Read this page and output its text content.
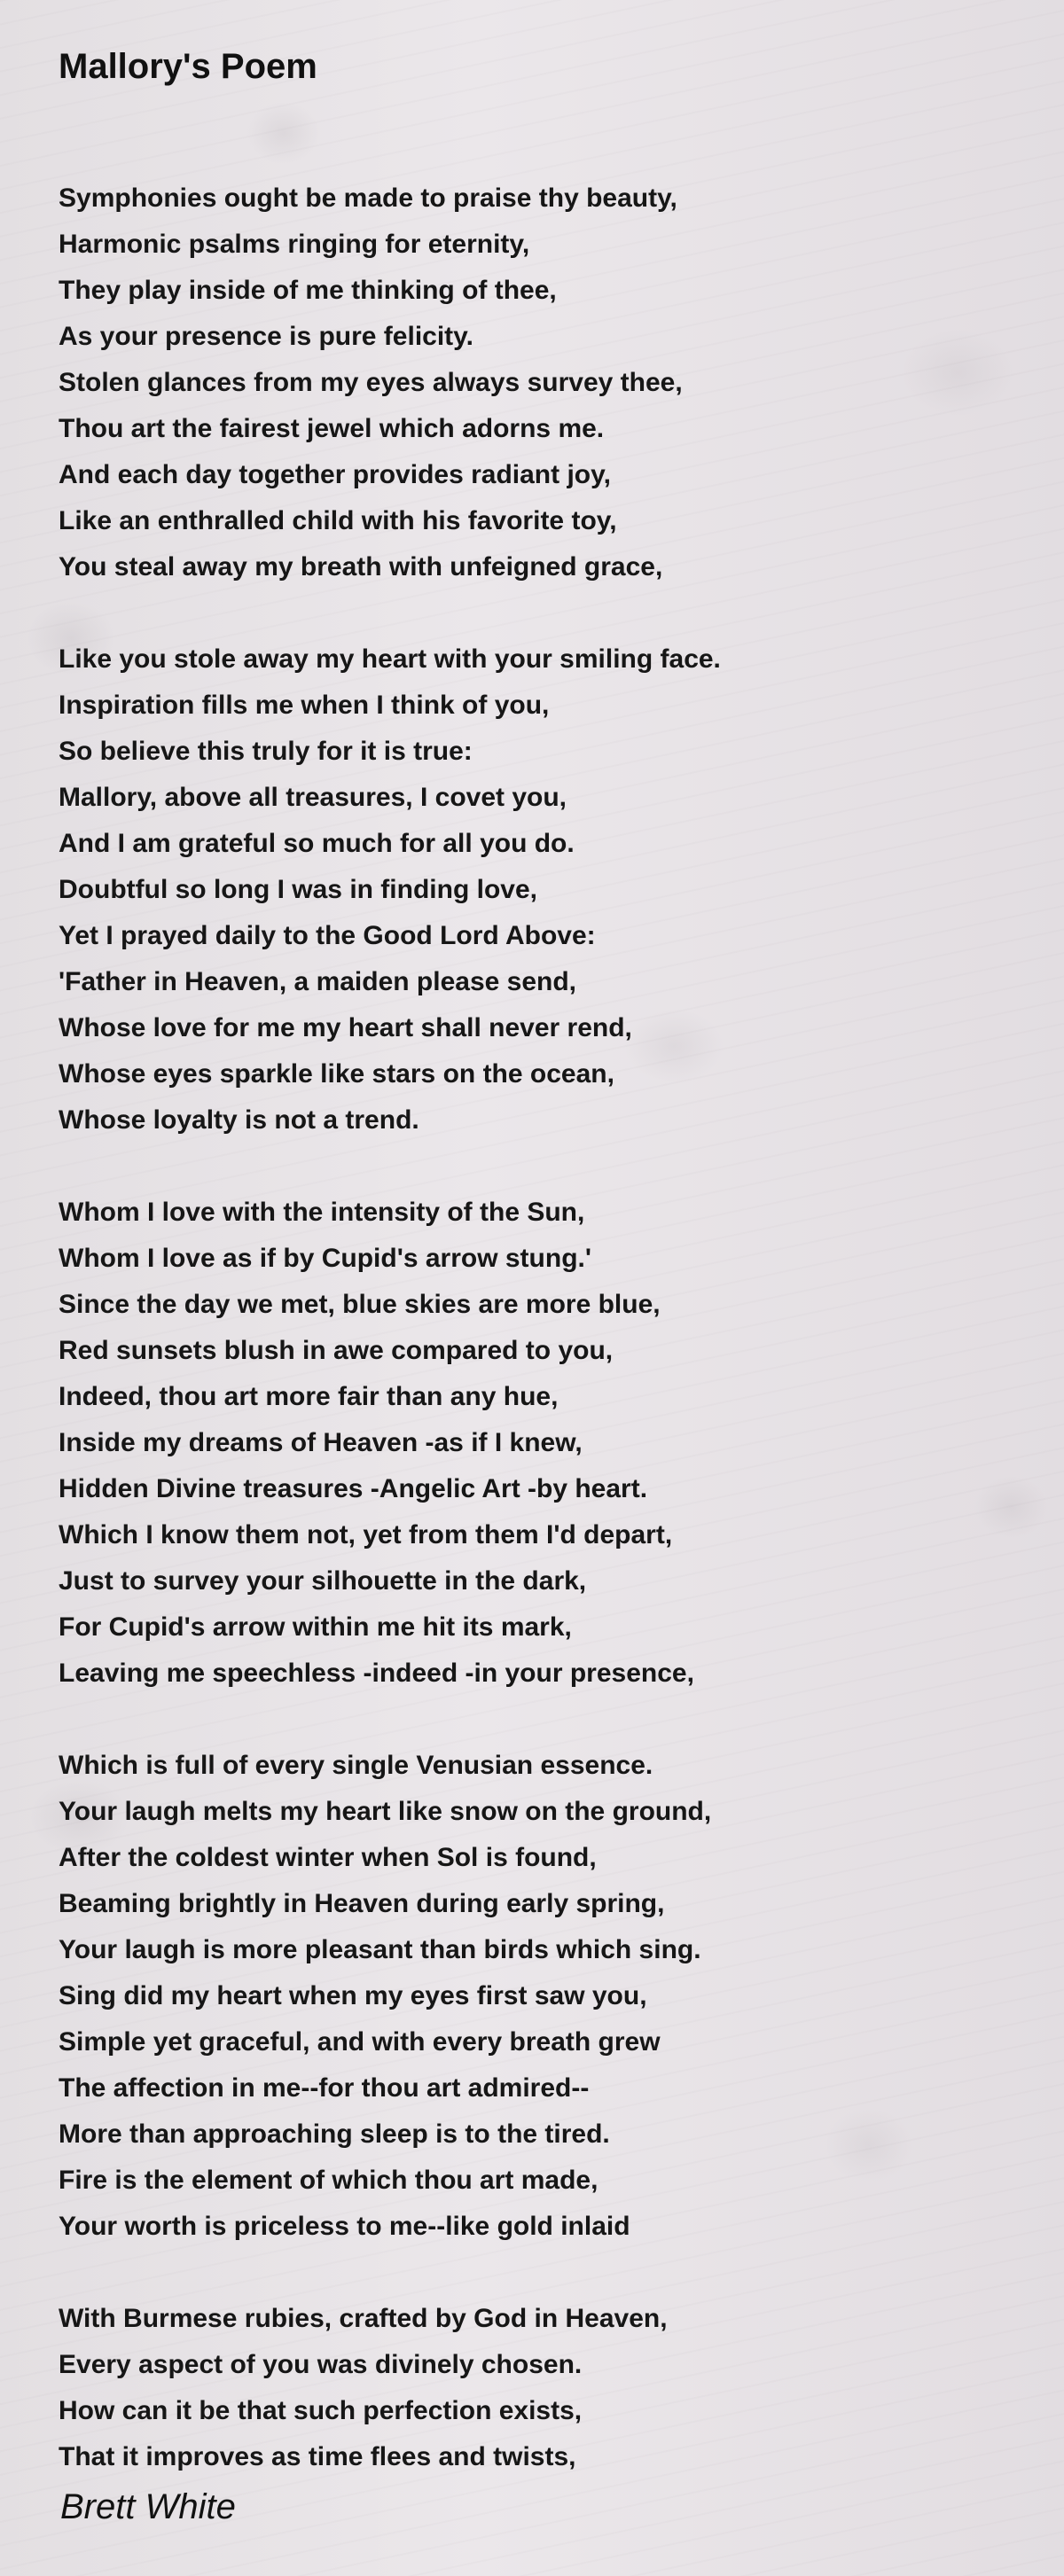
Mallory's Poem
Symphonies ought be made to praise thy beauty,
Harmonic psalms ringing for eternity,
They play inside of me thinking of thee,
As your presence is pure felicity.
Stolen glances from my eyes always survey thee,
Thou art the fairest jewel which adorns me.
And each day together provides radiant joy,
Like an enthralled child with his favorite toy,
You steal away my breath with unfeigned grace,
Like you stole away my heart with your smiling face.
Inspiration fills me when I think of you,
So believe this truly for it is true:
Mallory, above all treasures, I covet you,
And I am grateful so much for all you do.
Doubtful so long I was in finding love,
Yet I prayed daily to the Good Lord Above:
'Father in Heaven, a maiden please send,
Whose love for me my heart shall never rend,
Whose eyes sparkle like stars on the ocean,
Whose loyalty is not a trend.
Whom I love with the intensity of the Sun,
Whom I love as if by Cupid's arrow stung.'
Since the day we met, blue skies are more blue,
Red sunsets blush in awe compared to you,
Indeed, thou art more fair than any hue,
Inside my dreams of Heaven -as if I knew,
Hidden Divine treasures -Angelic Art -by heart.
Which I know them not, yet from them I'd depart,
Just to survey your silhouette in the dark,
For Cupid's arrow within me hit its mark,
Leaving me speechless -indeed -in your presence,
Which is full of every single Venusian essence.
Your laugh melts my heart like snow on the ground,
After the coldest winter when Sol is found,
Beaming brightly in Heaven during early spring,
Your laugh is more pleasant than birds which sing.
Sing did my heart when my eyes first saw you,
Simple yet graceful, and with every breath grew
The affection in me--for thou art admired--
More than approaching sleep is to the tired.
Fire is the element of which thou art made,
Your worth is priceless to me--like gold inlaid
With Burmese rubies, crafted by God in Heaven,
Every aspect of you was divinely chosen.
How can it be that such perfection exists,
That it improves as time flees and twists,
Brett White
